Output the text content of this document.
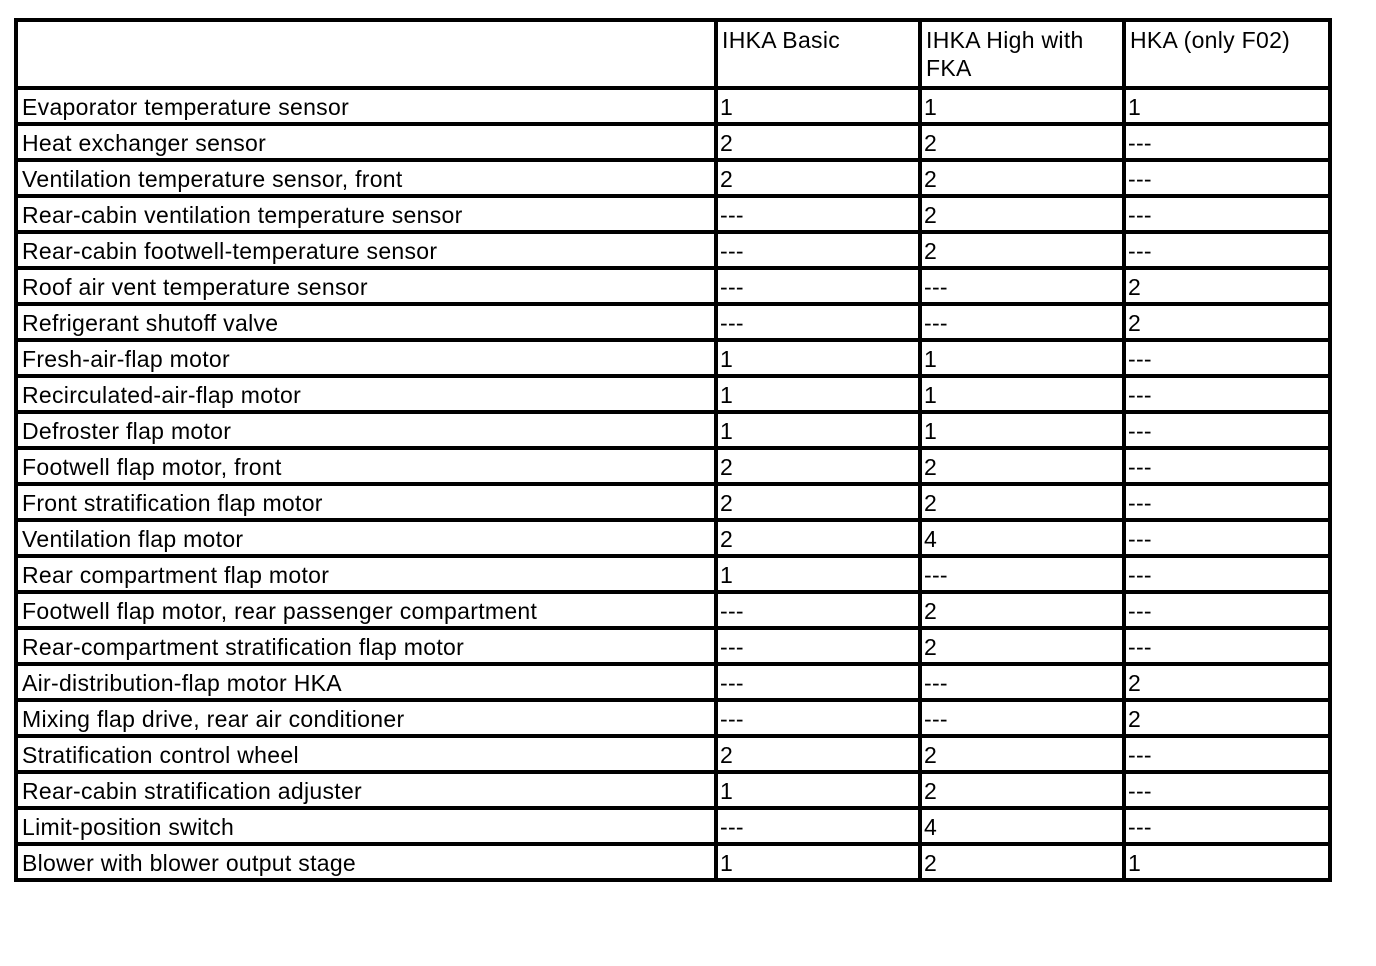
	IHKA Basic	IHKA High with FKA	HKA (only F02)
Evaporator temperature sensor	1	1	1
Heat exchanger sensor	2	2	---
Ventilation temperature sensor, front	2	2	---
Rear-cabin ventilation temperature sensor	---	2	---
Rear-cabin footwell-temperature sensor	---	2	---
Roof air vent temperature sensor	---	---	2
Refrigerant shutoff valve	---	---	2
Fresh-air-flap motor	1	1	---
Recirculated-air-flap motor	1	1	---
Defroster flap motor	1	1	---
Footwell flap motor, front	2	2	---
Front stratification flap motor	2	2	---
Ventilation flap motor	2	4	---
Rear compartment flap motor	1	---	---
Footwell flap motor, rear passenger compartment	---	2	---
Rear-compartment stratification flap motor	---	2	---
Air-distribution-flap motor HKA	---	---	2
Mixing flap drive, rear air conditioner	---	---	2
Stratification control wheel	2	2	---
Rear-cabin stratification adjuster	1	2	---
Limit-position switch	---	4	---
Blower with blower output stage	1	2	1
